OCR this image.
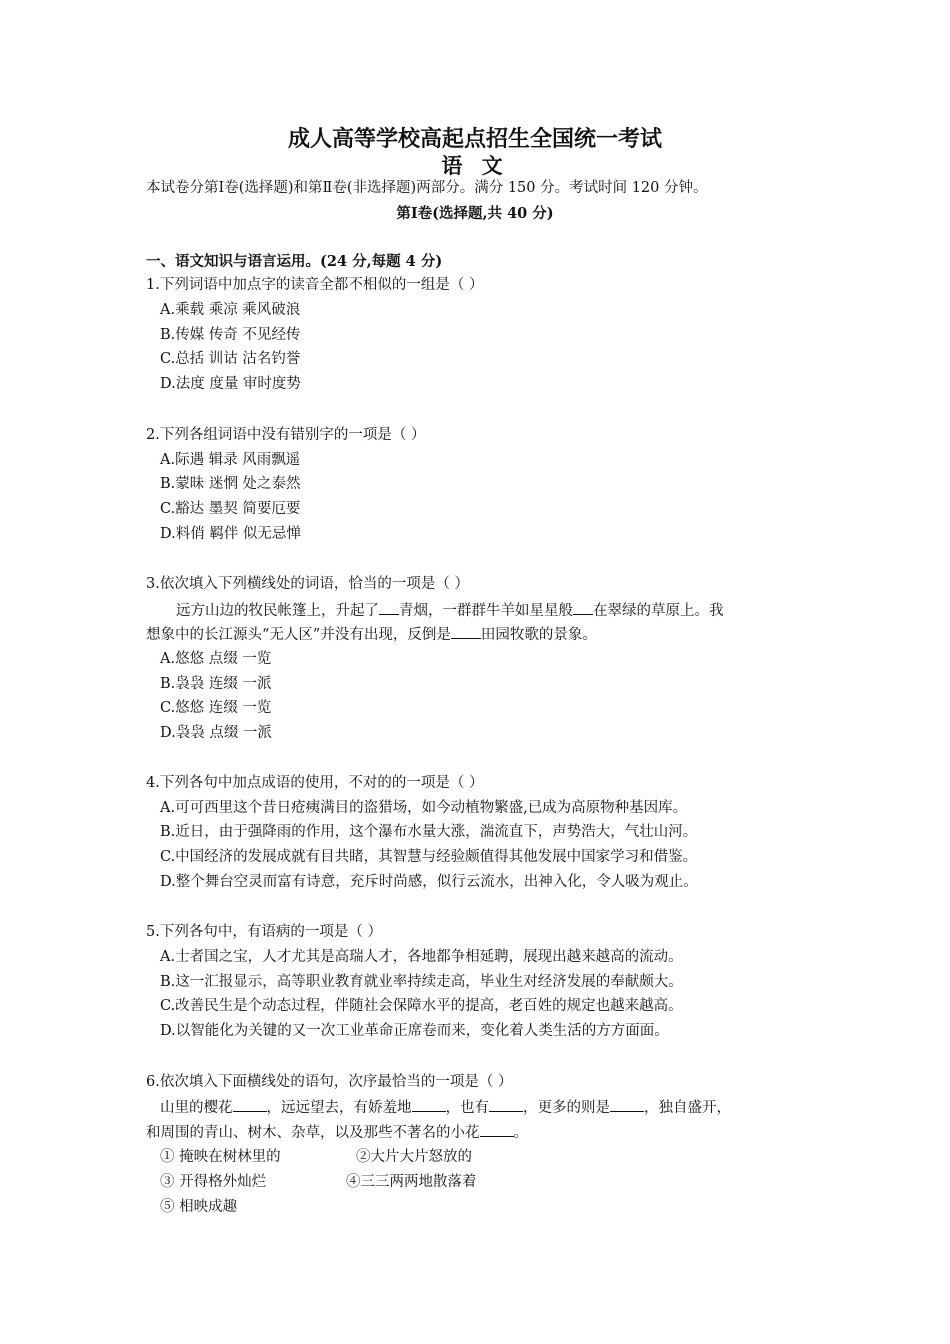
成人高等学校高起点招生全国统一考试
语 文
本试卷分第Ⅰ卷(选择题)和第Ⅱ卷(非选择题)两部分。满分 150 分。考试时间 120 分钟。
第Ⅰ卷(选择题,共 40 分)
一、语文知识与语言运用。(24 分,每题 4 分)
1.下列词语中加点字的读音全都不相似的一组是（ ）
A.乘载 乘凉 乘风破浪
B.传媒 传奇 不见经传
C.总括 训诂 沽名钓誉
D.法度 度量 审时度势
2.下列各组词语中没有错别字的一项是（ ）
A.际遇 辑录 风雨飘遥
B.蒙昧 迷惘 处之泰然
C.豁达 墨契 简要厄要
D.料俏 羁伴 似无忌惮
3.依次填入下列横线处的词语，恰当的一项是（ ）
远方山边的牧民帐篷上，升起了 青烟，一群群牛羊如星星般 在翠绿的草原上。我
想象中的长江源头“无人区”并没有出现，反倒是 田园牧歌的景象。
A.悠悠 点缀 一览
B.袅袅 连缀 一派
C.悠悠 连缀 一览
D.袅袅 点缀 一派
4.下列各句中加点成语的使用，不对的的一项是（ ）
A.可可西里这个昔日疮痍满目的盗猎场，如今动植物繁盛,已成为高原物种基因库。
B.近日，由于强降雨的作用，这个瀑布水量大涨，湍流直下，声势浩大，气壮山河。
C.中国经济的发展成就有目共睹，其智慧与经验颇值得其他发展中国家学习和借鉴。
D.整个舞台空灵而富有诗意，充斥时尚感，似行云流水，出神入化，令人吸为观止。
5.下列各句中，有语病的一项是（ ）
A.士者国之宝，人才尤其是高瑞人才，各地都争相延聘，展现出越来越高的流动。
B.这一汇报显示，高等职业教育就业率持续走高，毕业生对经济发展的奉献颇大。
C.改善民生是个动态过程，伴随社会保障水平的提高，老百姓的规定也越来越高。
D.以智能化为关键的又一次工业革命正席卷而来，变化着人类生活的方方面面。
6.依次填入下面横线处的语句，次序最恰当的一项是（ ）
山里的樱花 ，远远望去，有娇羞地 ，也有 ，更多的则是 ，独自盛开，
和周围的青山、树木、杂草，以及那些不著名的小花 。
① 掩映在树林里的	②大片大片怒放的
③ 开得格外灿烂	④三三两两地散落着
⑤ 相映成趣
